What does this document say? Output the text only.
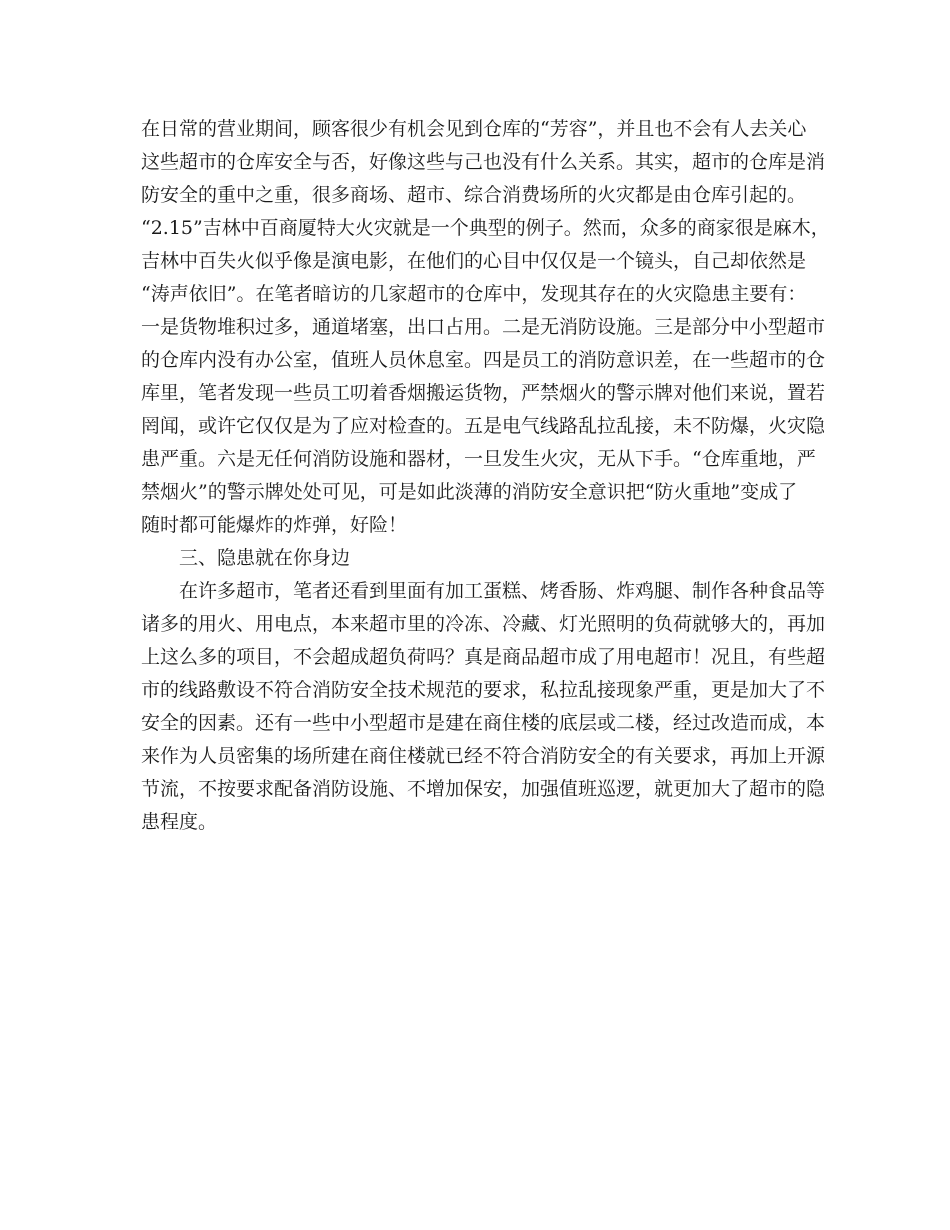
在日常的营业期间，顾客很少有机会见到仓库的“芳容”，并且也不会有人去关心
这些超市的仓库安全与否，好像这些与己也没有什么关系。其实，超市的仓库是消
防安全的重中之重，很多商场、超市、综合消费场所的火灾都是由仓库引起的。
“2.15”吉林中百商厦特大火灾就是一个典型的例子。然而，众多的商家很是麻木，
吉林中百失火似乎像是演电影，在他们的心目中仅仅是一个镜头，自己却依然是
“涛声依旧”。在笔者暗访的几家超市的仓库中，发现其存在的火灾隐患主要有：
一是货物堆积过多，通道堵塞，出口占用。二是无消防设施。三是部分中小型超市
的仓库内没有办公室，值班人员休息室。四是员工的消防意识差，在一些超市的仓
库里，笔者发现一些员工叨着香烟搬运货物，严禁烟火的警示牌对他们来说，置若
罔闻，或许它仅仅是为了应对检查的。五是电气线路乱拉乱接，未不防爆，火灾隐
患严重。六是无任何消防设施和器材，一旦发生火灾，无从下手。“仓库重地，严
禁烟火”的警示牌处处可见，可是如此淡薄的消防安全意识把“防火重地”变成了
随时都可能爆炸的炸弹，好险！
三、隐患就在你身边
在许多超市，笔者还看到里面有加工蛋糕、烤香肠、炸鸡腿、制作各种食品等
诸多的用火、用电点，本来超市里的冷冻、冷藏、灯光照明的负荷就够大的，再加
上这么多的项目，不会超成超负荷吗？真是商品超市成了用电超市！况且，有些超
市的线路敷设不符合消防安全技术规范的要求，私拉乱接现象严重，更是加大了不
安全的因素。还有一些中小型超市是建在商住楼的底层或二楼，经过改造而成，本
来作为人员密集的场所建在商住楼就已经不符合消防安全的有关要求，再加上开源
节流，不按要求配备消防设施、不增加保安，加强值班巡逻，就更加大了超市的隐
患程度。
